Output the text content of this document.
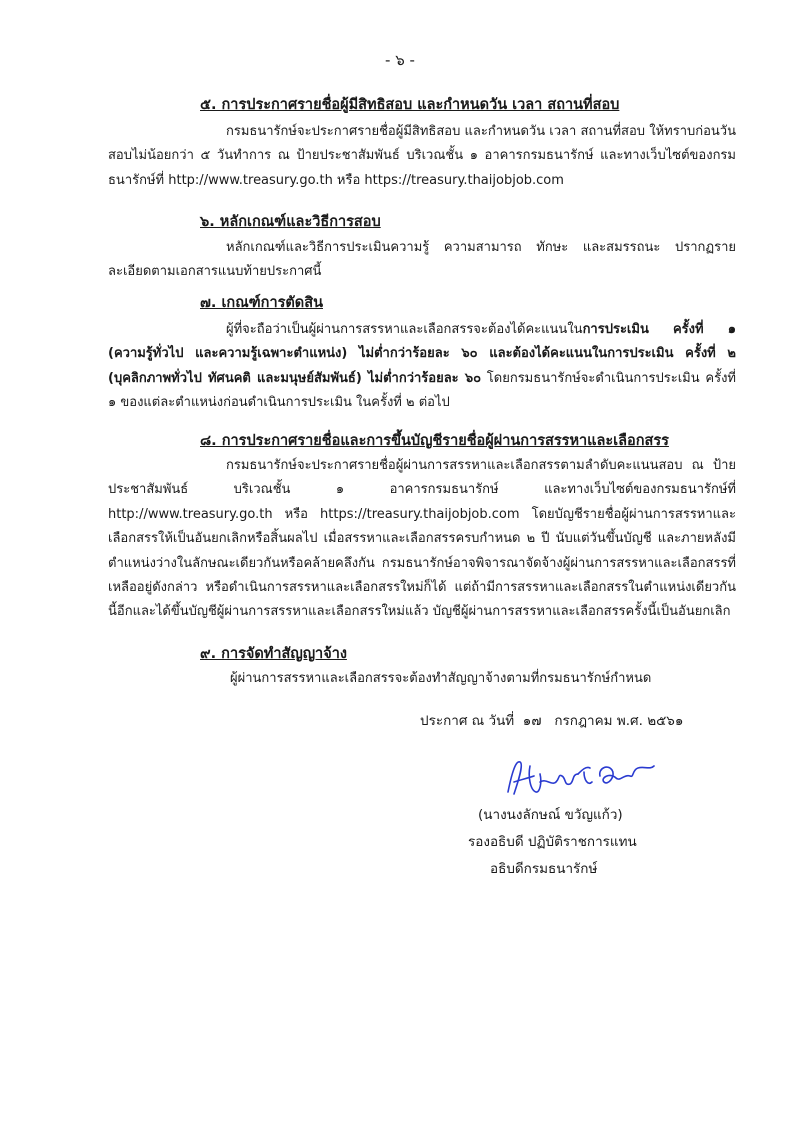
- ๖ -
๕. การประกาศรายชื่อผู้มีสิทธิสอบ และกำหนดวัน เวลา สถานที่สอบ
กรมธนารักษ์จะประกาศรายชื่อผู้มีสิทธิสอบ และกำหนดวัน เวลา สถานที่สอบ ให้ทราบก่อนวันสอบไม่น้อยกว่า ๕ วันทำการ ณ ป้ายประชาสัมพันธ์ บริเวณชั้น ๑ อาคารกรมธนารักษ์ และทางเว็บไซต์ของกรมธนารักษ์ที่ http://www.treasury.go.th หรือ https://treasury.thaijobjob.com
๖. หลักเกณฑ์และวิธีการสอบ
หลักเกณฑ์และวิธีการประเมินความรู้ ความสามารถ ทักษะ และสมรรถนะ ปรากฏรายละเอียดตามเอกสารแนบท้ายประกาศนี้
๗. เกณฑ์การตัดสิน
ผู้ที่จะถือว่าเป็นผู้ผ่านการสรรหาและเลือกสรรจะต้องได้คะแนนในการประเมิน ครั้งที่ ๑ (ความรู้ทั่วไป และความรู้เฉพาะตำแหน่ง) ไม่ต่ำกว่าร้อยละ ๖๐ และต้องได้คะแนนในการประเมิน ครั้งที่ ๒ (บุคลิกภาพทั่วไป ทัศนคติ และมนุษย์สัมพันธ์) ไม่ต่ำกว่าร้อยละ ๖๐ โดยกรมธนารักษ์จะดำเนินการประเมิน ครั้งที่ ๑ ของแต่ละตำแหน่งก่อนดำเนินการประเมิน ในครั้งที่ ๒ ต่อไป
๘. การประกาศรายชื่อและการขึ้นบัญชีรายชื่อผู้ผ่านการสรรหาและเลือกสรร
กรมธนารักษ์จะประกาศรายชื่อผู้ผ่านการสรรหาและเลือกสรรตามลำดับคะแนนสอบ ณ ป้ายประชาสัมพันธ์ บริเวณชั้น ๑ อาคารกรมธนารักษ์ และทางเว็บไซต์ของกรมธนารักษ์ที่ http://www.treasury.go.th หรือ https://treasury.thaijobjob.com โดยบัญชีรายชื่อผู้ผ่านการสรรหาและเลือกสรรให้เป็นอันยกเลิกหรือสิ้นผลไป เมื่อสรรหาและเลือกสรรครบกำหนด ๒ ปี นับแต่วันขึ้นบัญชี และภายหลังมีตำแหน่งว่างในลักษณะเดียวกันหรือคล้ายคลึงกัน กรมธนารักษ์อาจพิจารณาจัดจ้างผู้ผ่านการสรรหาและเลือกสรรที่เหลืออยู่ดังกล่าว หรือดำเนินการสรรหาและเลือกสรรใหม่ก็ได้ แต่ถ้ามีการสรรหาและเลือกสรรในตำแหน่งเดียวกันนี้อีกและได้ขึ้นบัญชีผู้ผ่านการสรรหาและเลือกสรรใหม่แล้ว บัญชีผู้ผ่านการสรรหาและเลือกสรรครั้งนี้เป็นอันยกเลิก
๙. การจัดทำสัญญาจ้าง
ผู้ผ่านการสรรหาและเลือกสรรจะต้องทำสัญญาจ้างตามที่กรมธนารักษ์กำหนด
ประกาศ ณ วันที่  ๑๗   กรกฎาคม พ.ศ. ๒๕๖๑
(นางนงลักษณ์ ขวัญแก้ว)
รองอธิบดี ปฏิบัติราชการแทน
อธิบดีกรมธนารักษ์
